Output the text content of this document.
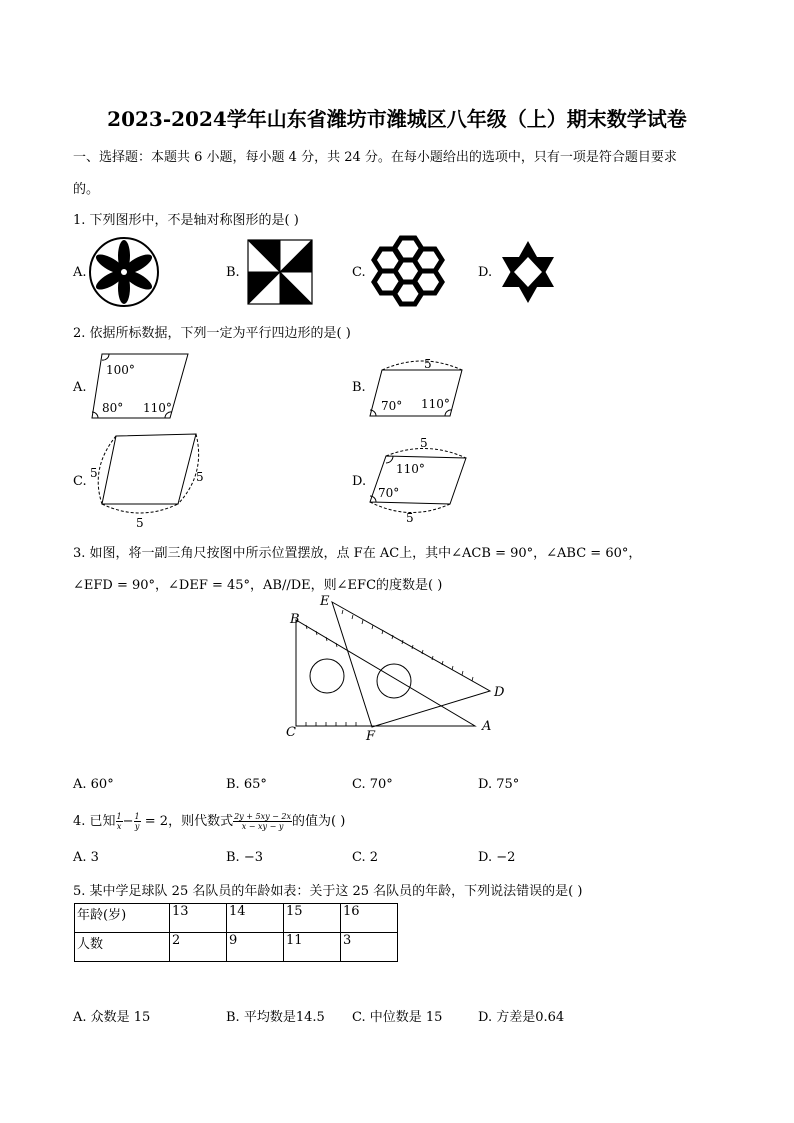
2023-2024学年山东省潍坊市潍城区八年级（上）期末数学试卷
一、选择题：本题共 6 小题，每小题 4 分，共 24 分。在每小题给出的选项中，只有一项是符合题目要求
的。
1. 下列图形中，不是轴对称图形的是( )
A.	B.	C.	D.
2. 依据所标数据，下列一定为平行四边形的是( )
A.	B.
C.	D.
100°
80° 110°
5
70° 110°
5	5
5
5
5
110°
70°
3. 如图，将一副三角尺按图中所示位置摆放，点 F在 AC上，其中∠ACB = 90°，∠ABC = 60°，
∠EFD = 90°，∠DEF = 45°，AB//DE，则∠EFC的度数是( )
B
E
C	F
A
D
A. 60°	B. 65°	C. 70°	D. 75°
4. 已知 $\frac{1}{x} - \frac{1}{y} = 2$，则代数式 $\frac{2y + 5xy - 2x}{x - xy - y}$ 的值为( )
A. 3	B. −3	C. 2	D. −2
5. 某中学足球队 25 名队员的年龄如表：关于这 25 名队员的年龄，下列说法错误的是( )
年龄(岁)	13	14	15	16
人数	2	9	11	3
A. 众数是 15	B. 平均数是14.5 C. 中位数是 15	D. 方差是0.64
